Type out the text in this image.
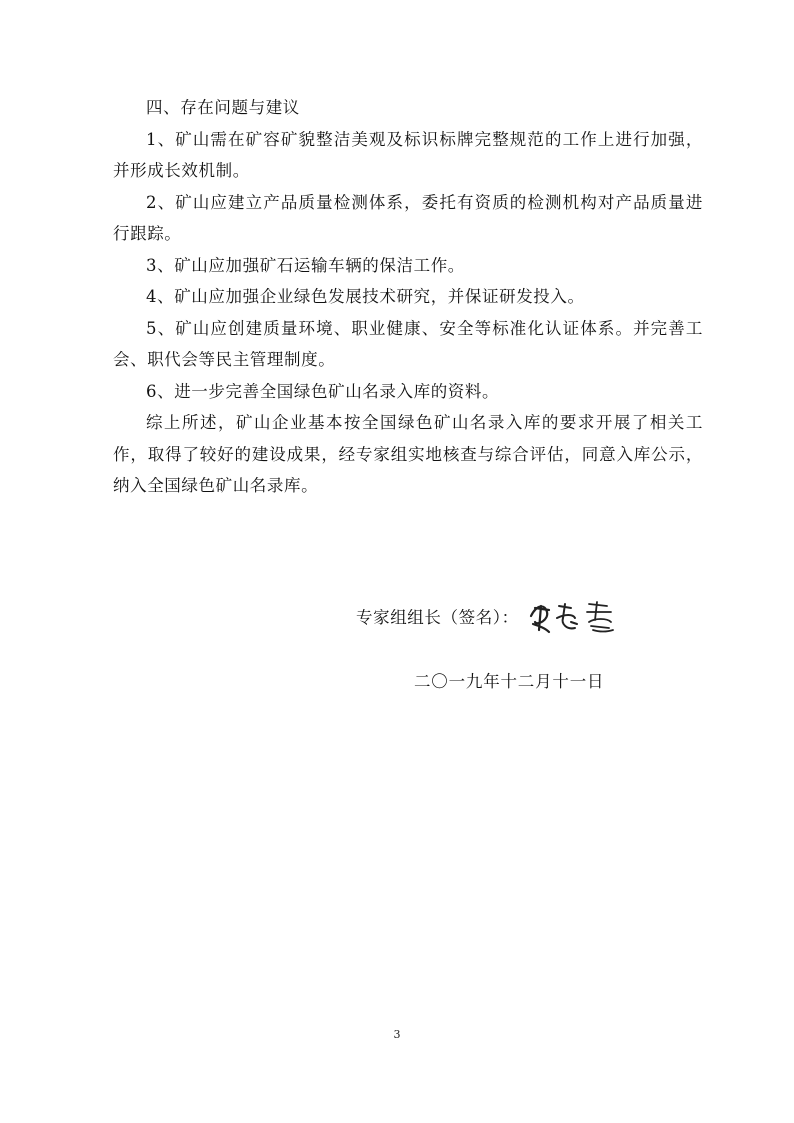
四、存在问题与建议

1、矿山需在矿容矿貌整洁美观及标识标牌完整规范的工作上进行加强，并形成长效机制。

2、矿山应建立产品质量检测体系，委托有资质的检测机构对产品质量进行跟踪。

3、矿山应加强矿石运输车辆的保洁工作。

4、矿山应加强企业绿色发展技术研究，并保证研发投入。

5、矿山应创建质量环境、职业健康、安全等标准化认证体系。并完善工会、职代会等民主管理制度。

6、进一步完善全国绿色矿山名录入库的资料。

综上所述，矿山企业基本按全国绿色矿山名录入库的要求开展了相关工作，取得了较好的建设成果，经专家组实地核查与综合评估，同意入库公示，纳入全国绿色矿山名录库。

专家组组长（签名）：
二〇一九年十二月十一日
3
